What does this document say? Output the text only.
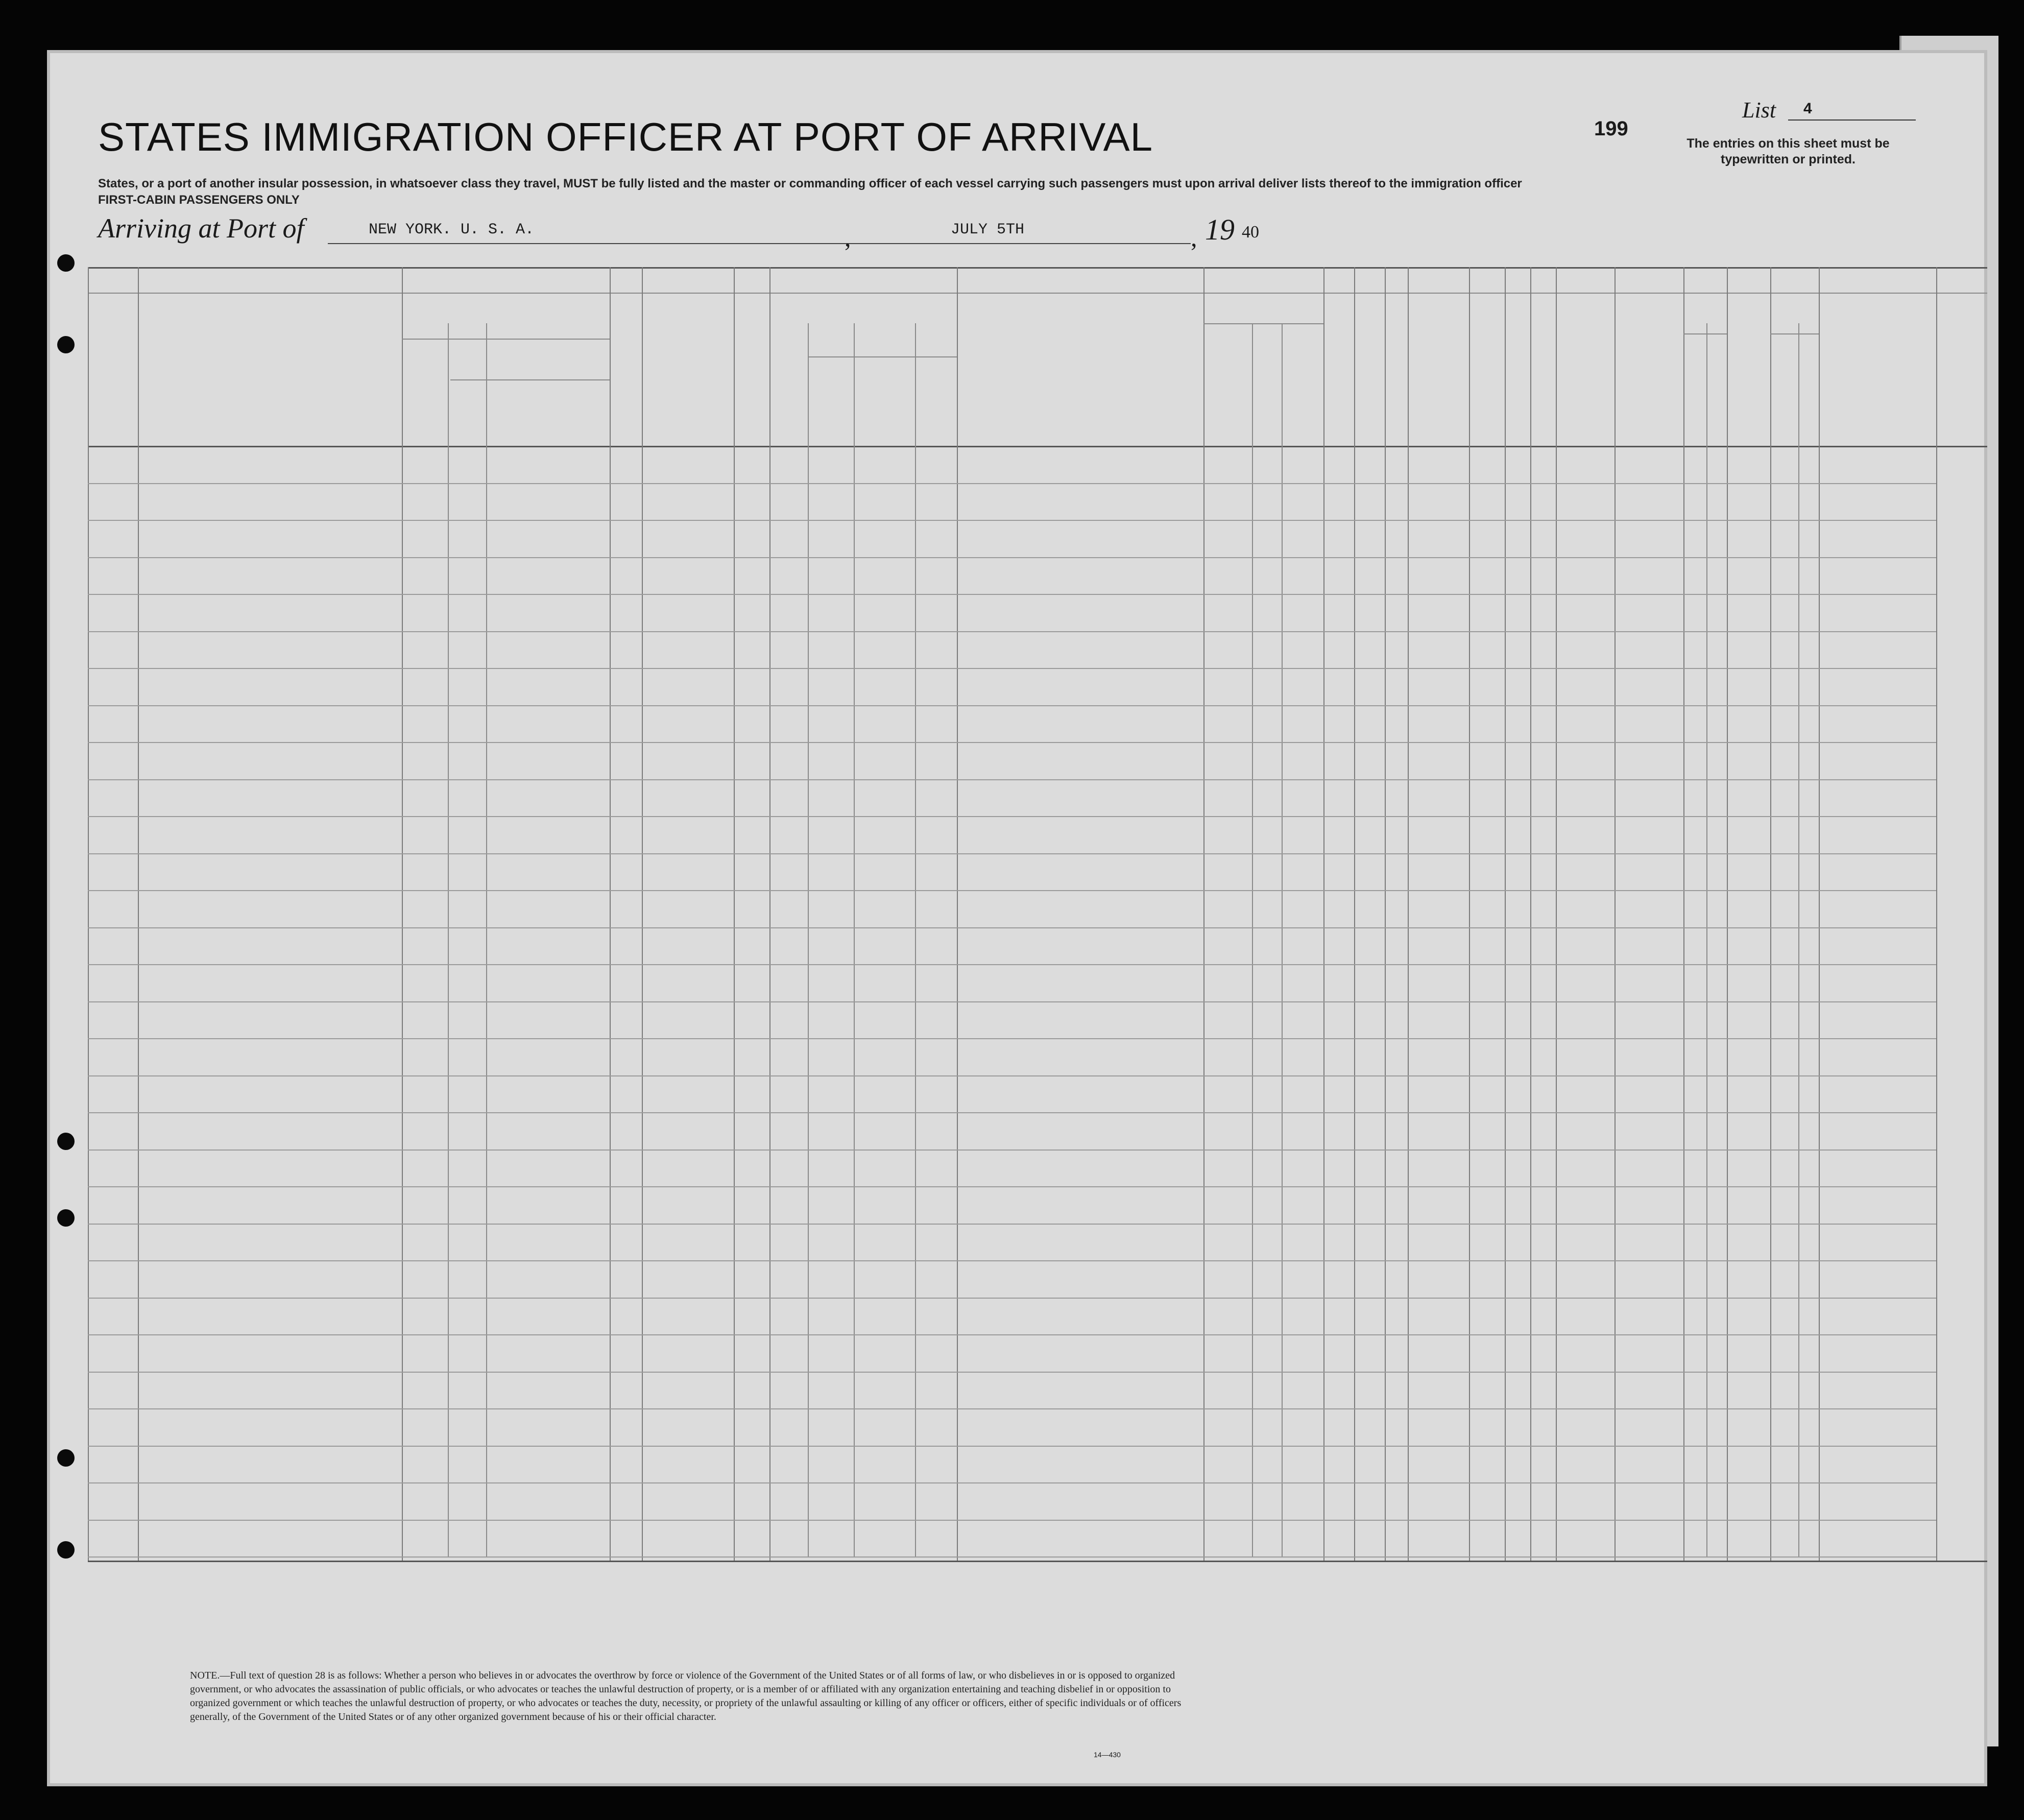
STATES IMMIGRATION OFFICER AT PORT OF ARRIVAL
List 4
199
The entries on this sheet must be typewritten or printed.
States, or a port of another insular possession, in whatsoever class they travel, MUST be fully listed and the master or commanding officer of each vessel carrying such passengers must upon arrival deliver lists thereof to the immigration officer
FIRST-CABIN PASSENGERS ONLY
Arriving at Port of	NEW YORK. U. S. A.	,	JULY 5TH	, 19 40
NOTE.—Full text of question 28 is as follows: Whether a person who believes in or advocates the overthrow by force or violence of the Government of the United States or of all forms of law, or who disbelieves in or is opposed to organized government, or who advocates the assassination of public officials, or who advocates or teaches the unlawful destruction of property, or is a member of or affiliated with any organization entertaining and teaching disbelief in or opposition to organized government or which teaches the unlawful destruction of property, or who advocates or teaches the duty, necessity, or propriety of the unlawful assaulting or killing of any officer or officers, either of specific individuals or of officers generally, of the Government of the United States or of any other organized government because of his or their official character.
14—430
